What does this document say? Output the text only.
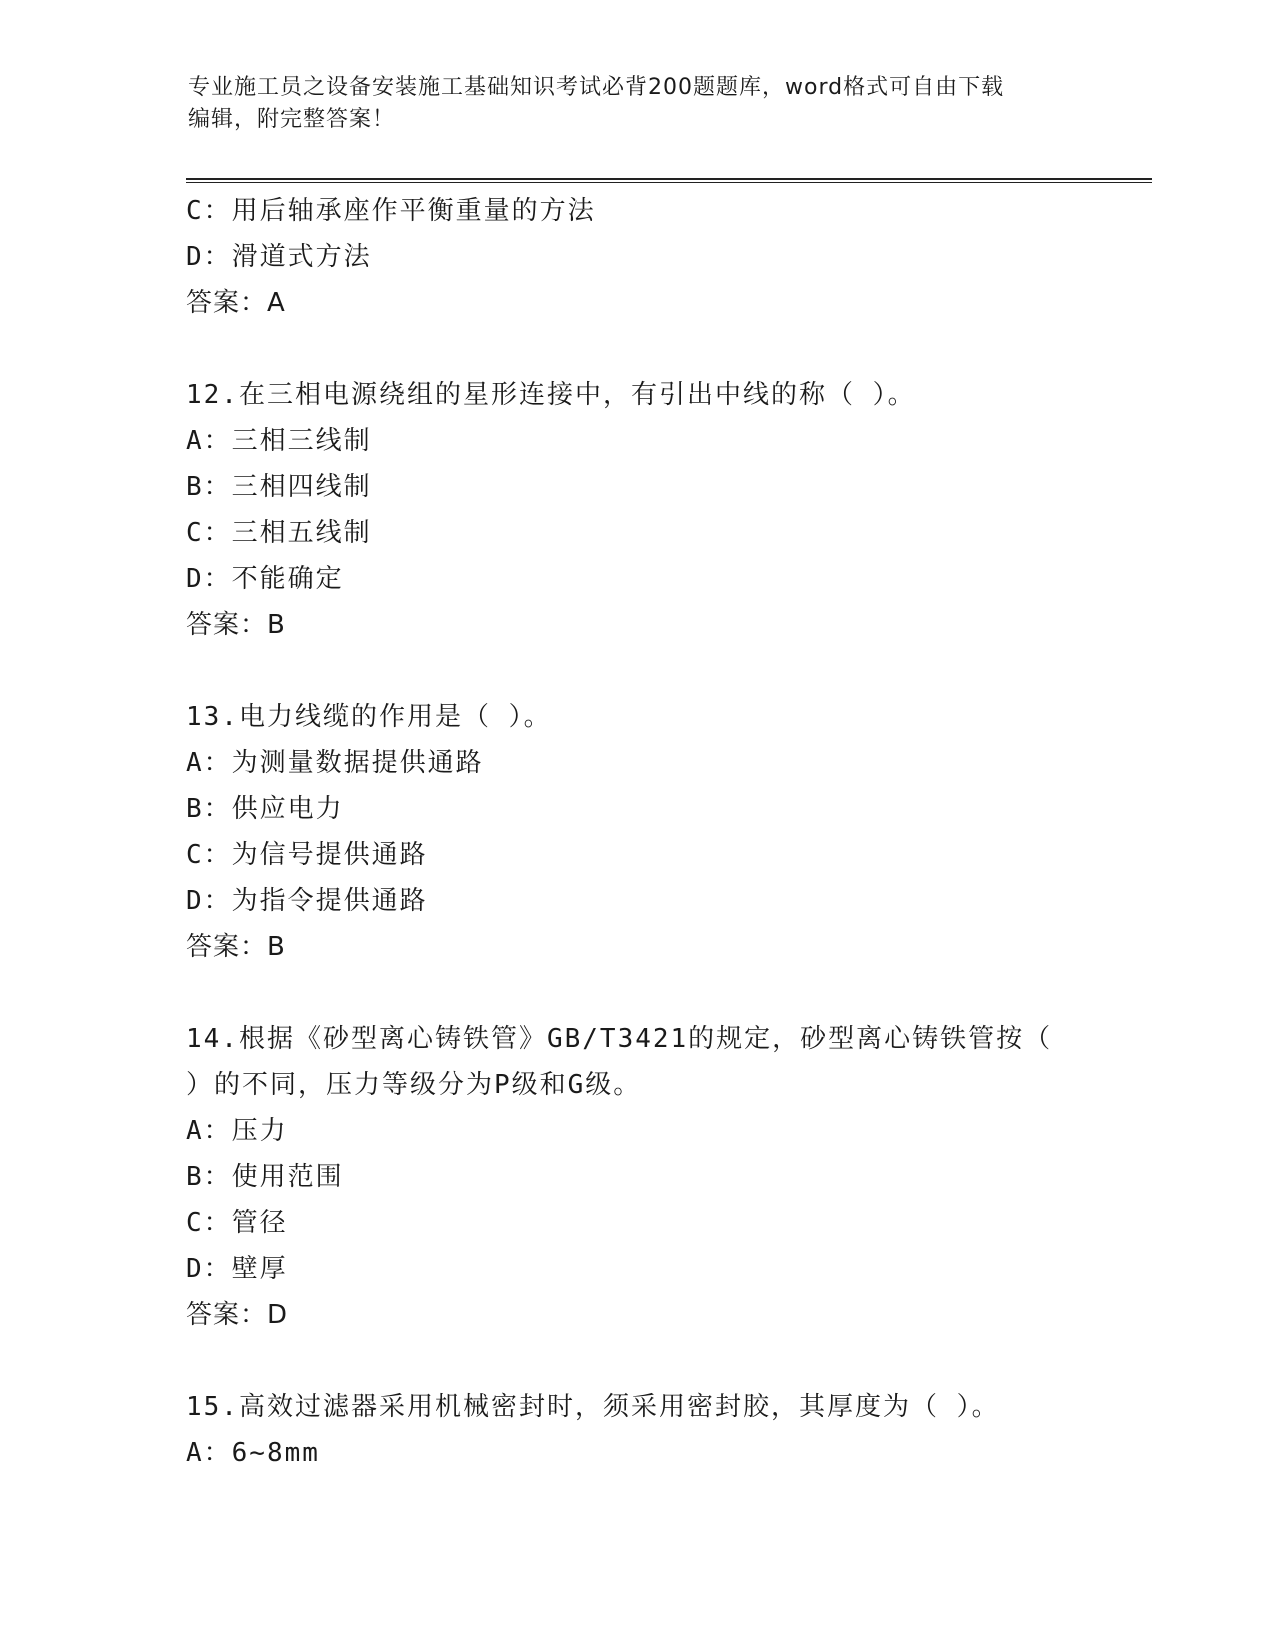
专业施工员之设备安装施工基础知识考试必背200题题库，word格式可自由下载
编辑，附完整答案！
C：用后轴承座作平衡重量的方法
D：滑道式方法
答案：A
12.在三相电源绕组的星形连接中，有引出中线的称（ ）。
A：三相三线制
B：三相四线制
C：三相五线制
D：不能确定
答案：B
13.电力线缆的作用是（ ）。
A：为测量数据提供通路
B：供应电力
C：为信号提供通路
D：为指令提供通路
答案：B
14.根据《砂型离心铸铁管》GB/T3421的规定，砂型离心铸铁管按（
）的不同，压力等级分为P级和G级。
A：压力
B：使用范围
C：管径
D：壁厚
答案：D
15.高效过滤器采用机械密封时，须采用密封胶，其厚度为（ ）。
A：6~8mm
